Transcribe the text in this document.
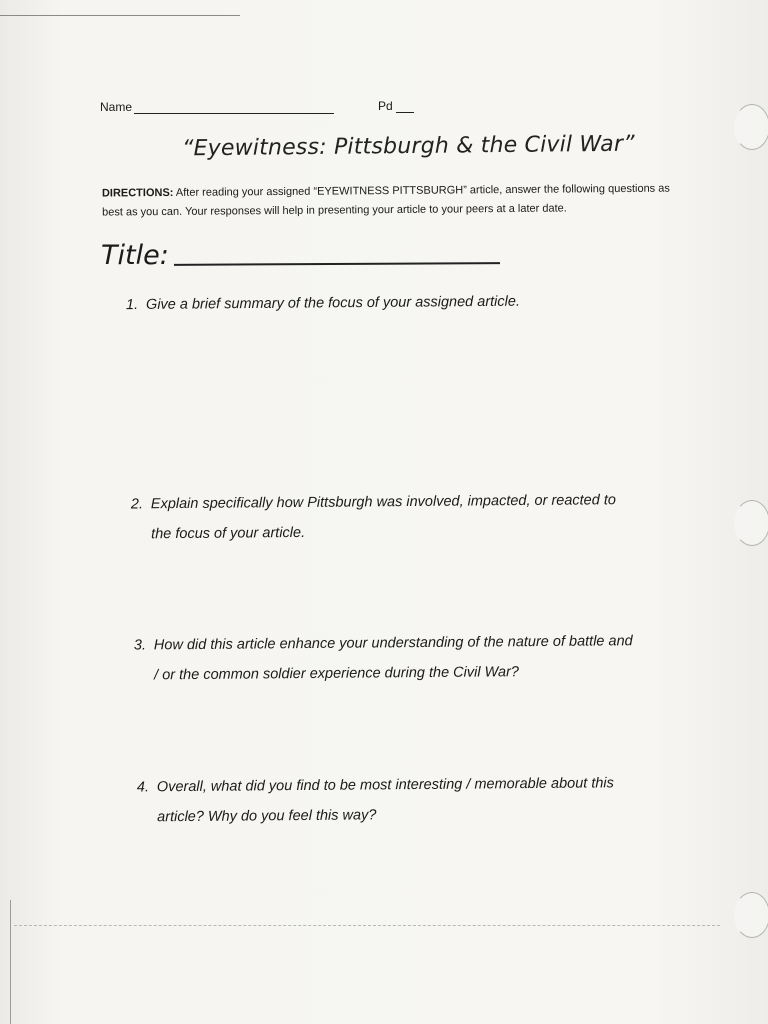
Name	Pd
“Eyewitness: Pittsburgh & the Civil War”
DIRECTIONS: After reading your assigned “EYEWITNESS PITTSBURGH” article, answer the following questions as
best as you can. Your responses will help in presenting your article to your peers at a later date.
Title:
1. Give a brief summary of the focus of your assigned article.
2. Explain specifically how Pittsburgh was involved, impacted, or reacted to
the focus of your article.
3. How did this article enhance your understanding of the nature of battle and
/ or the common soldier experience during the Civil War?
4. Overall, what did you find to be most interesting / memorable about this
article? Why do you feel this way?
